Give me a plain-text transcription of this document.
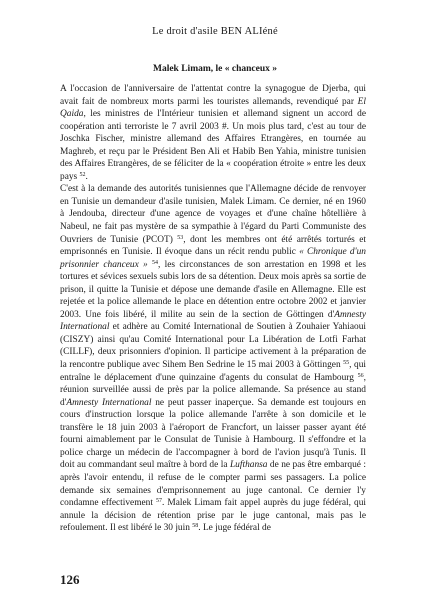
Le droit d'asile BEN ALIéné
Malek Limam, le « chanceux »

A l'occasion de l'anniversaire de l'attentat contre la synagogue de Djerba, qui avait fait de nombreux morts parmi les touristes allemands, revendiqué par El Qaida, les ministres de l'Intérieur tunisien et allemand signent un accord de coopération anti terroriste le 7 avril 2003 #. Un mois plus tard, c'est au tour de Joschka Fischer, ministre allemand des Affaires Etrangères, en tournée au Maghreb, et reçu par le Président Ben Ali et Habib Ben Yahia, ministre tunisien des Affaires Etrangères, de se féliciter de la « coopération étroite » entre les deux pays $^{52}$.

C'est à la demande des autorités tunisiennes que l'Allemagne décide de renvoyer en Tunisie un demandeur d'asile tunisien, Malek Limam. Ce dernier, né en 1960 à Jendouba, directeur d'une agence de voyages et d'une chaîne hôtellière à Nabeul, ne fait pas mystère de sa sympathie à l'égard du Parti Communiste des Ouvriers de Tunisie (PCOT) $^{53}$, dont les membres ont été arrêtés torturés et emprisonnés en Tunisie. Il évoque dans un récit rendu public « Chronique d'un prisonnier chanceux » $^{54}$, les circonstances de son arrestation en 1998 et les tortures et sévices sexuels subis lors de sa détention. Deux mois après sa sortie de prison, il quitte la Tunisie et dépose une demande d'asile en Allemagne. Elle est rejetée et la police allemande le place en détention entre octobre 2002 et janvier 2003. Une fois libéré, il milite au sein de la section de Göttingen d'Amnesty International et adhère au Comité International de Soutien à Zouhaier Yahiaoui (CISZY) ainsi qu'au Comité International pour La Libération de Lotfi Farhat (CILLF), deux prisonniers d'opinion. Il participe activement à la préparation de la rencontre publique avec Sihem Ben Sedrine le 15 mai 2003 à Göttingen $^{55}$, qui entraîne le déplacement d'une quinzaine d'agents du consulat de Hambourg $^{56}$, réunion surveillée aussi de près par la police allemande. Sa présence au stand d'Amnesty International ne peut passer inaperçue. Sa demande est toujours en cours d'instruction lorsque la police allemande l'arrête à son domicile et le transfère le 18 juin 2003 à l'aéroport de Francfort, un laisser passer ayant été fourni aimablement par le Consulat de Tunisie à Hambourg. Il s'effondre et la police charge un médecin de l'accompagner à bord de l'avion jusqu'à Tunis. Il doit au commandant seul maître à bord de la Lufthansa de ne pas être embarqué : après l'avoir entendu, il refuse de le compter parmi ses passagers. La police demande six semaines d'emprisonnement au juge cantonal. Ce dernier l'y condamne effectivement $^{57}$. Malek Limam fait appel auprès du juge fédéral, qui annule la décision de rétention prise par le juge cantonal, mais pas le refoulement. Il est libéré le 30 juin $^{58}$. Le juge fédéral de

126
